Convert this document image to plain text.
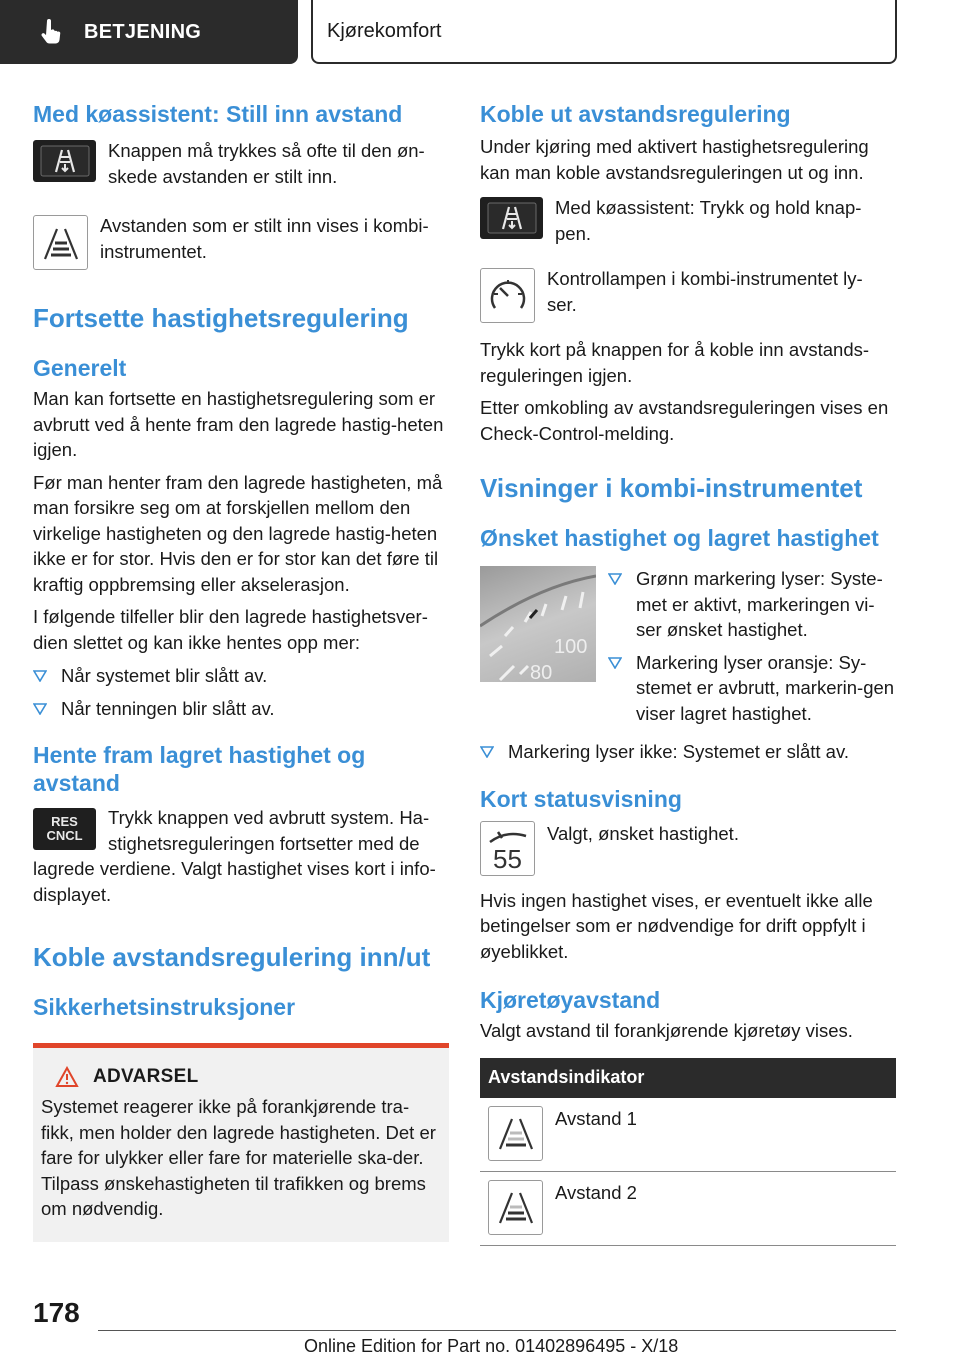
BETJENING	Kjørekomfort
Med køassistent: Still inn avstand

Knappen må trykkes så ofte til den øn-skede avstanden er stilt inn.

Avstanden som er stilt inn vises i kombi-instrumentet.

Fortsette hastighetsregulering
Generelt

Man kan fortsette en hastighetsregulering som er avbrutt ved å hente fram den lagrede hastig-heten igjen.

Før man henter fram den lagrede hastigheten, må man forsikre seg om at forskjellen mellom den virkelige hastigheten og den lagrede hastig-heten ikke er for stor. Hvis den er for stor kan det føre til kraftig oppbremsing eller akselerasjon.

I følgende tilfeller blir den lagrede hastighetsver-dien slettet og kan ikke hentes opp mer:

Når systemet blir slått av.
Når tenningen blir slått av.
Hente fram lagret hastighet og avstand
RES
CNCL

Trykk knappen ved avbrutt system. Ha-stighetsreguleringen fortsetter med de

lagrede verdiene. Valgt hastighet vises kort i info-displayet.

Koble avstandsregulering inn/ut
Sikkerhetsinstruksjoner
ADVARSEL

Systemet reagerer ikke på forankjørende tra-fikk, men holder den lagrede hastigheten. Det er fare for ulykker eller fare for materielle ska-der. Tilpass ønskehastigheten til trafikken og brems om nødvendig.

Koble ut avstandsregulering

Under kjøring med aktivert hastighetsregulering kan man koble avstandsreguleringen ut og inn.

Med køassistent: Trykk og hold knap-pen.

Kontrollampen i kombi-instrumentet ly-ser.

Trykk kort på knappen for å koble inn avstands-reguleringen igjen.

Etter omkobling av avstandsreguleringen vises en Check-Control-melding.

Visninger i kombi-instrumentet
Ønsket hastighet og lagret hastighet
100
80
Grønn markering lyser: Syste-met er aktivt, markeringen vi-ser ønsket hastighet.
Markering lyser oransje: Sy-stemet er avbrutt, markerin-gen viser lagret hastighet.
Markering lyser ikke: Systemet er slått av.
Kort statusvisning
55

Valgt, ønsket hastighet.

Hvis ingen hastighet vises, er eventuelt ikke alle betingelser som er nødvendige for drift oppfylt i øyeblikket.

Kjøretøyavstand

Valgt avstand til forankjørende kjøretøy vises.

Avstandsindikator

Avstand 1

Avstand 2
178
Online Edition for Part no. 01402896495 - X/18
